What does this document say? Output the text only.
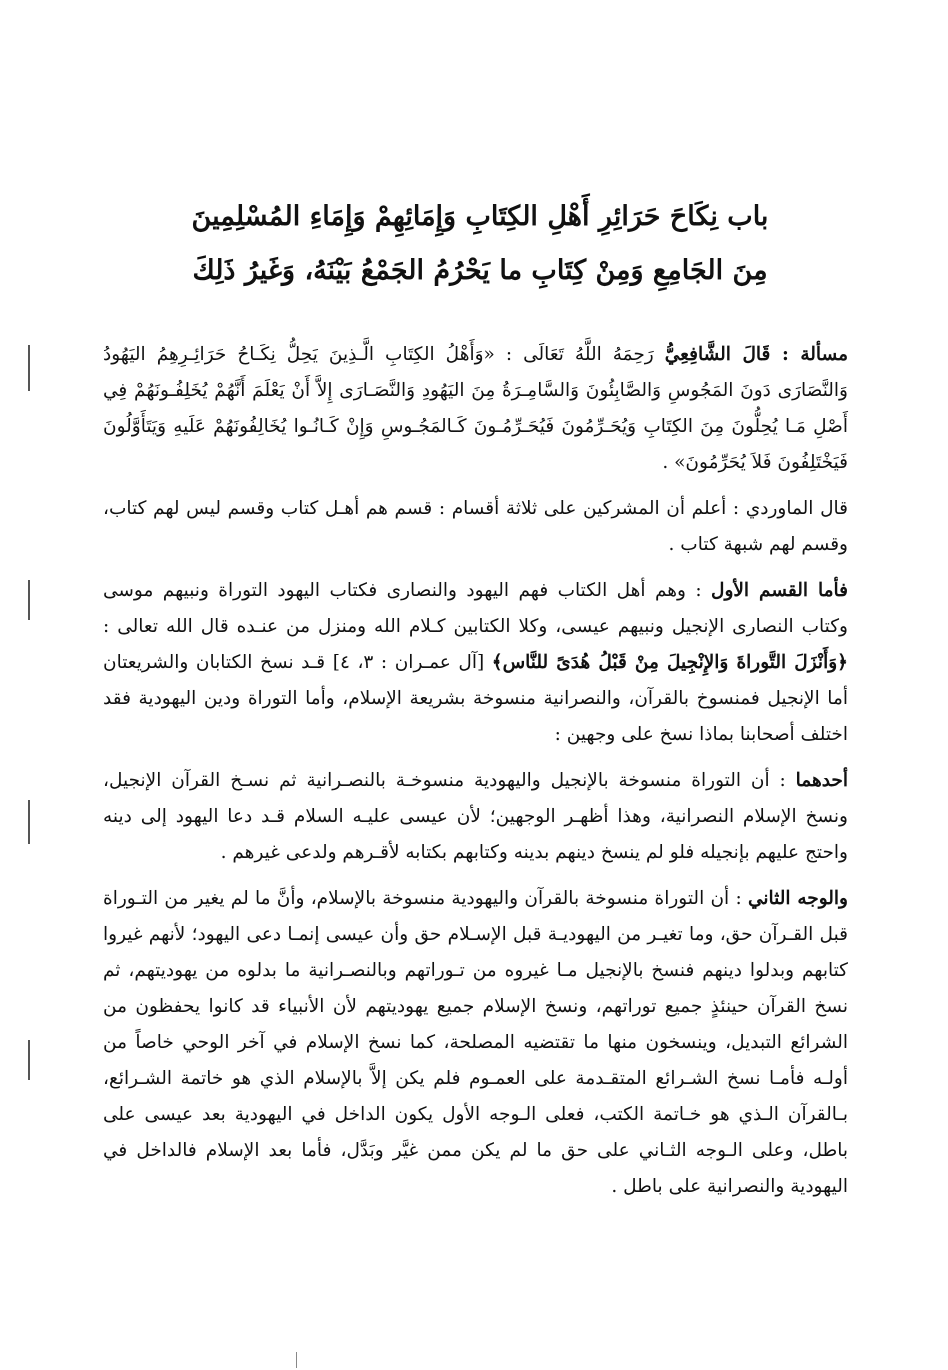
باب نِكَاحَ حَرَائِرِ أَهْلِ الكِتَابِ وَإِمَائِهِمْ وَإِمَاءِ المُسْلِمِينَ
مِنَ الجَامِعِ وَمِنْ كِتَابِ ما يَحْرُمُ الجَمْعُ بَيْنَهُ، وَغَيرُ ذَلِكَ

مسألة : قَالَ الشَّافِعِيُّ رَحِمَهُ اللَّهُ تَعَالَى : «وَأَهْلُ الكِتَابِ الَّـذِينَ يَحِلُّ نِكَـاحُ حَرَائِـرِهِمُ اليَهُودُ وَالنَّصَارَى دَونَ المَجُوسِ وَالصَّابِئُونَ وَالسَّامِـرَةُ مِنَ اليَهُودِ وَالنَّصَـارَى إِلاَّ أَنْ يَعْلَمَ أَنَّهُمْ يُخَلِفُـونَهُمْ فِي أَصْلِ مَـا يُحِلُّونَ مِنَ الكِتَابِ وَيُحَـرِّمُونَ فَيُحَـرِّمُـونَ كَـالمَجُـوسِ وَإِنْ كَـانُـوا يُخَالِفُونَهُمْ عَلَيهِ وَيَتَأَوَّلُونَ فَيَخْتَلِفُونَ فَلاَ يُحَرِّمُونَ» .

قال الماوردي : أعلم أن المشركين على ثلاثة أقسام : قسم هم أهـل كتاب وقسم ليس لهم كتاب، وقسم لهم شبهة كتاب .

فأما القسم الأول : وهم أهل الكتاب فهم اليهود والنصارى فكتاب اليهود التوراة ونبيهم موسى وكتاب النصارى الإنجيل ونبيهم عيسى، وكلا الكتابين كـلام الله ومنزل من عنـده قال الله تعالى : ﴿وَأَنْزَلَ التَّوراةَ وَالإِنْجِيلَ مِنْ قَبْلُ هُدَىً للنَّاس﴾ [آل عمـران : ٣، ٤] قـد نسخ الكتابان والشريعتان أما الإنجيل فمنسوخ بالقرآن، والنصرانية منسوخة بشريعة الإسلام، وأما التوراة ودين اليهودية فقد اختلف أصحابنا بماذا نسخ على وجهين :

أحدهما : أن التوراة منسوخة بالإنجيل واليهودية منسوخـة بالنصـرانية ثم نسـخ القرآن الإنجيل، ونسخ الإسلام النصرانية، وهذا أظهـر الوجهين؛ لأن عيسى عليـه السلام قـد دعا اليهود إلى دينه واحتج عليهم بإنجيله فلو لم ينسخ دينهم بدينه وكتابهم بكتابه لأقـرهم ولدعى غيرهم .

والوجه الثاني : أن التوراة منسوخة بالقرآن واليهودية منسوخة بالإسلام، وأنَّ ما لم يغير من التـوراة قبل القـرآن حق، وما تغيـر من اليهوديـة قبل الإسـلام حق وأن عيسى إنمـا دعى اليهود؛ لأنهم غيروا كتابهم وبدلوا دينهم فنسخ بالإنجيل مـا غيروه من تـوراتهم وبالنصـرانية ما بدلوه من يهوديتهم، ثم نسخ القرآن حينئذٍ جميع توراتهم، ونسخ الإسلام جميع يهوديتهم لأن الأنبياء قد كانوا يحفظون من الشرائع التبديل، وينسخون منها ما تقتضيه المصلحة، كما نسخ الإسلام في آخر الوحي خاصاً من أولـه فأمـا نسخ الشـرائع المتقـدمة على العمـوم فلم يكن إلاَّ بالإسلام الذي هو خاتمة الشـرائع، بـالقرآن الـذي هو خـاتمة الكتب، فعلى الـوجه الأول يكون الداخل في اليهودية بعد عيسى على باطل، وعلى الـوجه الثـاني على حق ما لم يكن ممن غيَّر وبَدَّل، فأما بعد الإسلام فالداخل في اليهودية والنصرانية على باطل .
